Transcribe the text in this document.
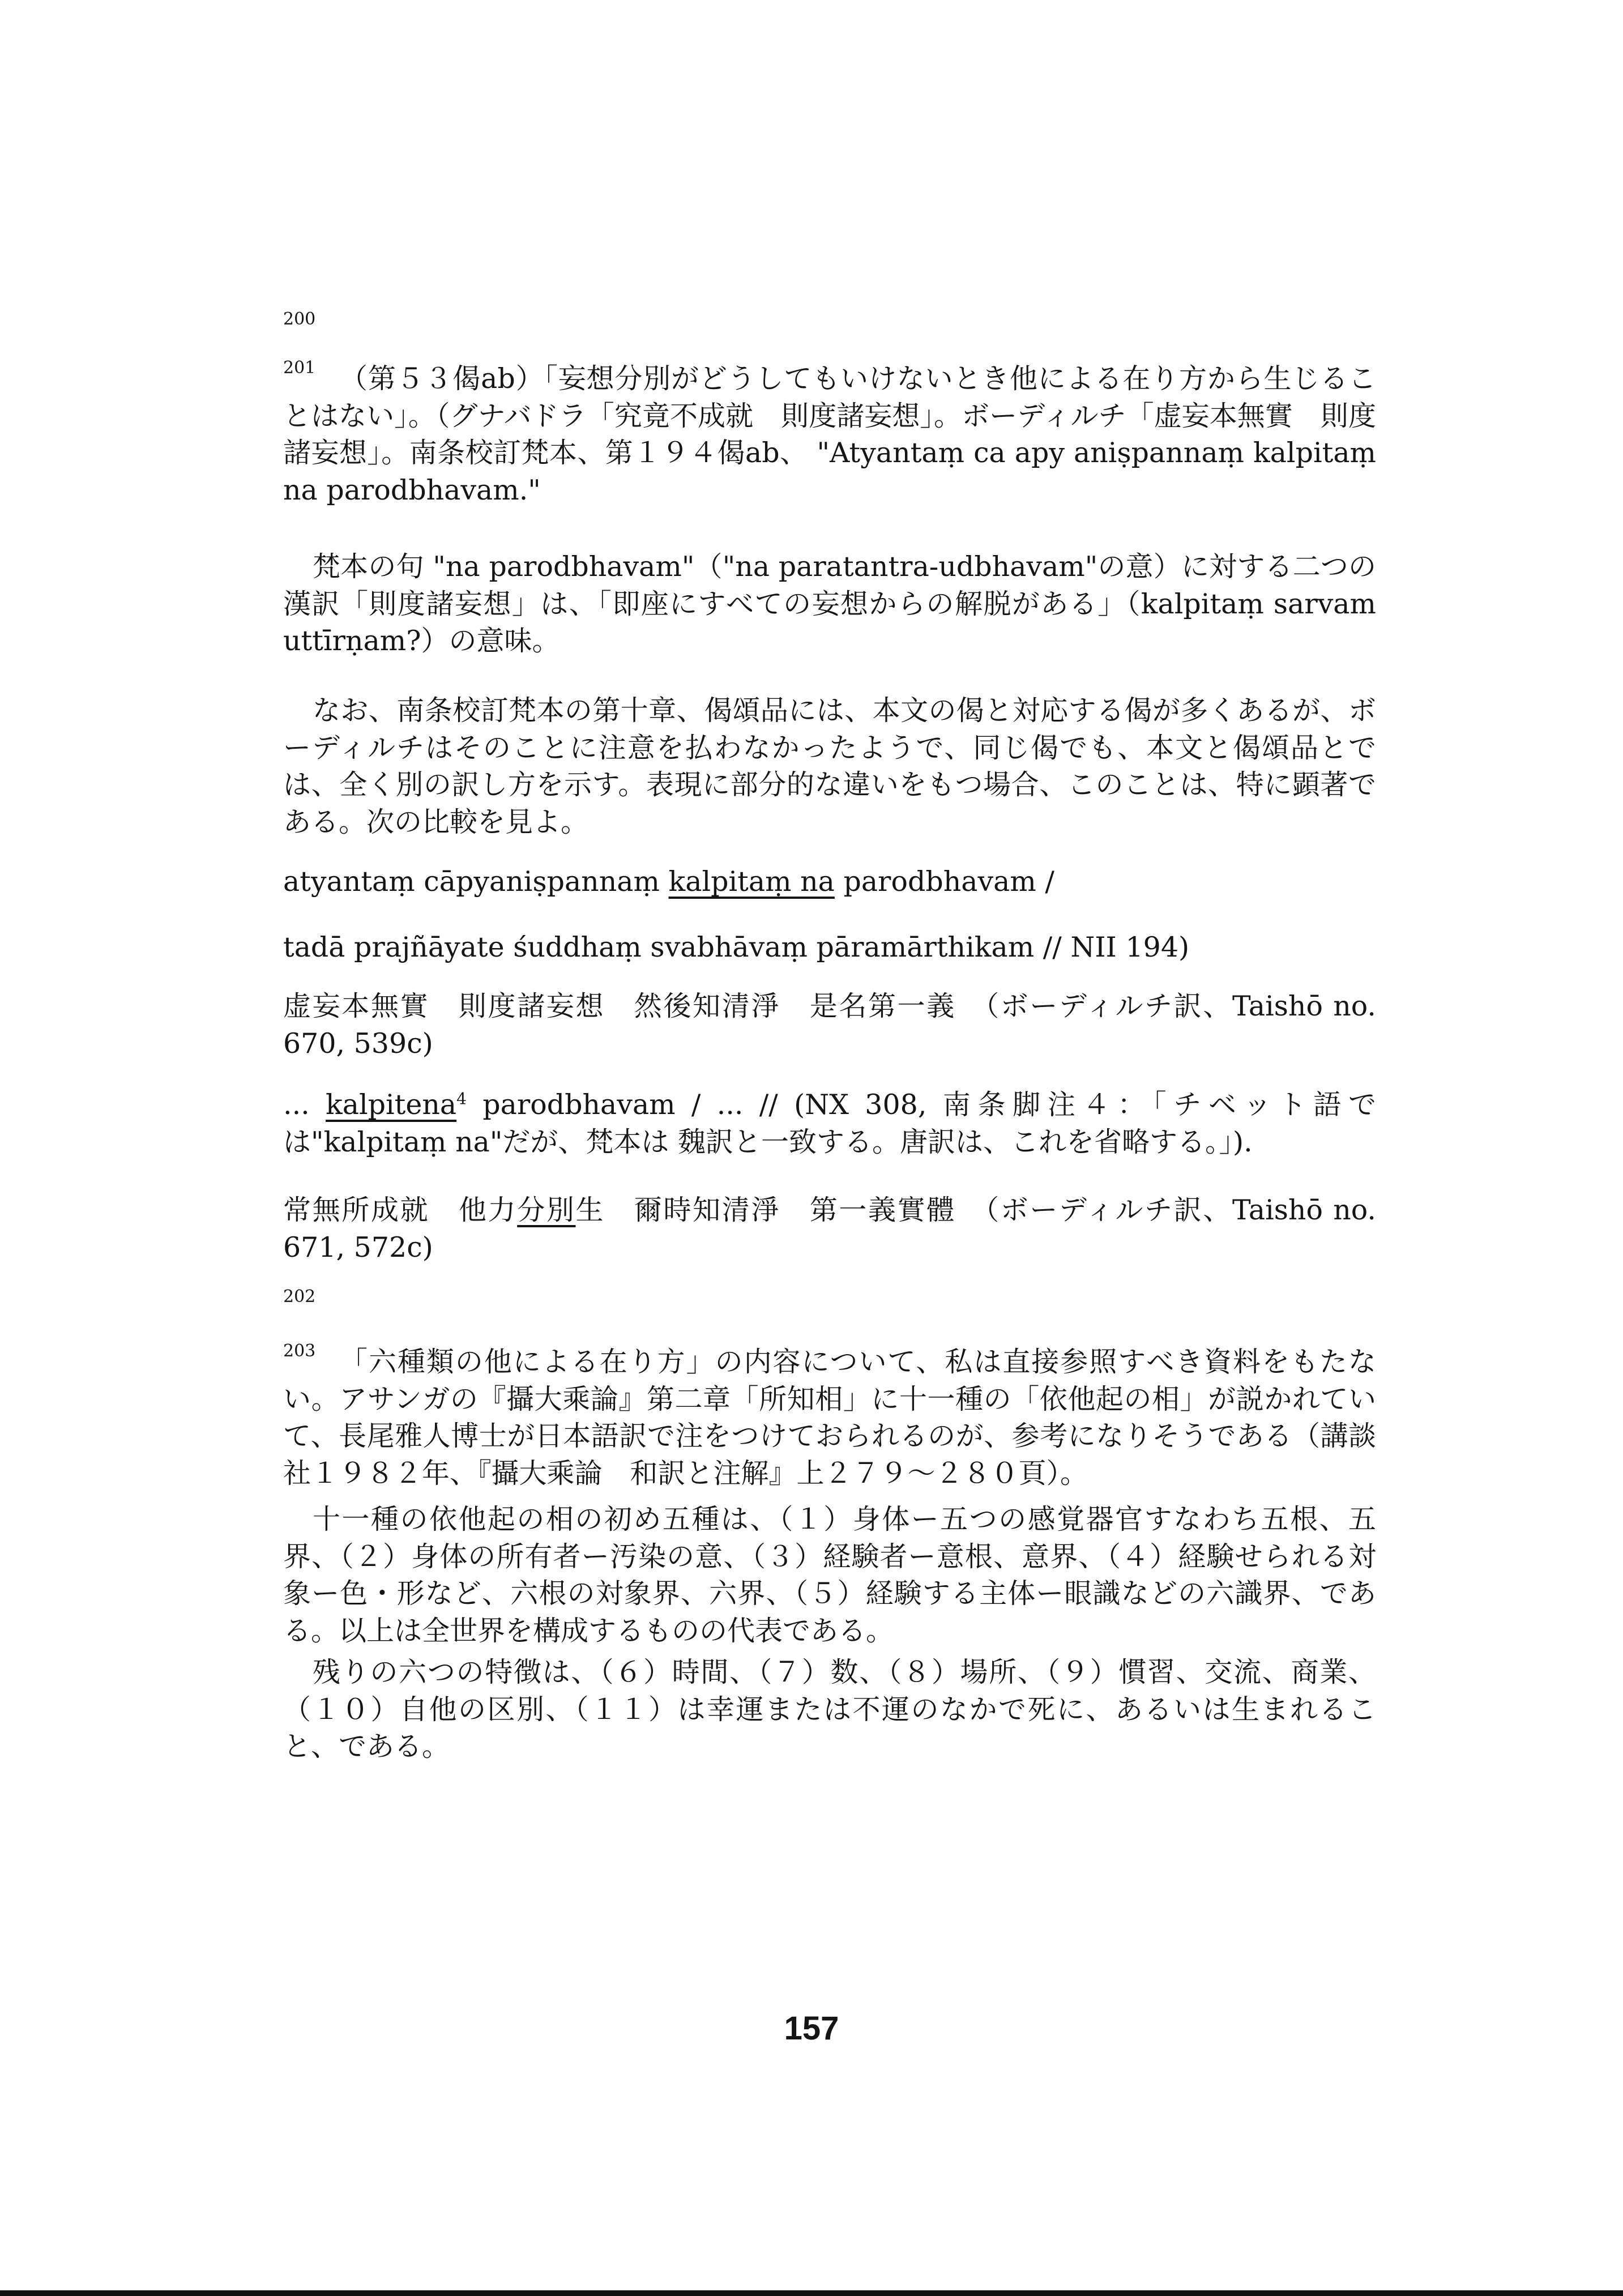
200
201 （第５３偈ab）「妄想分別がどうしてもいけないとき他による在り方から生じることはない」。（グナバドラ「究竟不成就　則度諸妄想」。ボーディルチ「虚妄本無實　則度諸妄想」。南条校訂梵本、第１９４偈ab、 "Atyantaṃ ca apy aniṣpannaṃ kalpitaṃ na parodbhavam."

梵本の句 "na parodbhavam"（"na paratantra-udbhavam"の意）に対する二つの漢訳「則度諸妄想」は、「即座にすべての妄想からの解脱がある」（kalpitaṃ sarvam uttīrṇam?）の意味。

なお、南条校訂梵本の第十章、偈頌品には、本文の偈と対応する偈が多くあるが、ボーディルチはそのことに注意を払わなかったようで、同じ偈でも、本文と偈頌品とでは、全く別の訳し方を示す。表現に部分的な違いをもつ場合、このことは、特に顕著である。次の比較を見よ。

atyantaṃ cāpyaniṣpannaṃ kalpitaṃ na parodbhavam /

tadā prajñāyate śuddhaṃ svabhāvaṃ pāramārthikam // NII 194)

虚妄本無實　則度諸妄想　然後知清淨　是名第一義　（ボーディルチ訳、Taishō no. 670, 539c)

... kalpitena$^4$ parodbhavam / ... // (NX 308, 南条脚注４：「チベット語では"kalpitaṃ na"だが、梵本は 魏訳と一致する。唐訳は、これを省略する。」).

常無所成就　他力分別生　爾時知清淨　第一義實體　（ボーディルチ訳、Taishō no. 671, 572c)

202
203 「六種類の他による在り方」の内容について、私は直接参照すべき資料をもたない。アサンガの『攝大乘論』第二章「所知相」に十一種の「依他起の相」が説かれていて、長尾雅人博士が日本語訳で注をつけておられるのが、参考になりそうである（講談社１９８２年、『攝大乘論　和訳と注解』上２７９～２８０頁）。

十一種の依他起の相の初め五種は、（１）身体ー五つの感覚器官すなわち五根、五界、（２）身体の所有者ー汚染の意、（３）経験者ー意根、意界、（４）経験せられる対象ー色・形など、六根の対象界、六界、（５）経験する主体ー眼識などの六識界、である。以上は全世界を構成するものの代表である。

残りの六つの特徴は、（６）時間、（７）数、（８）場所、（９）慣習、交流、商業、（１０）自他の区別、（１１）は幸運または不運のなかで死に、あるいは生まれること、である。

157
